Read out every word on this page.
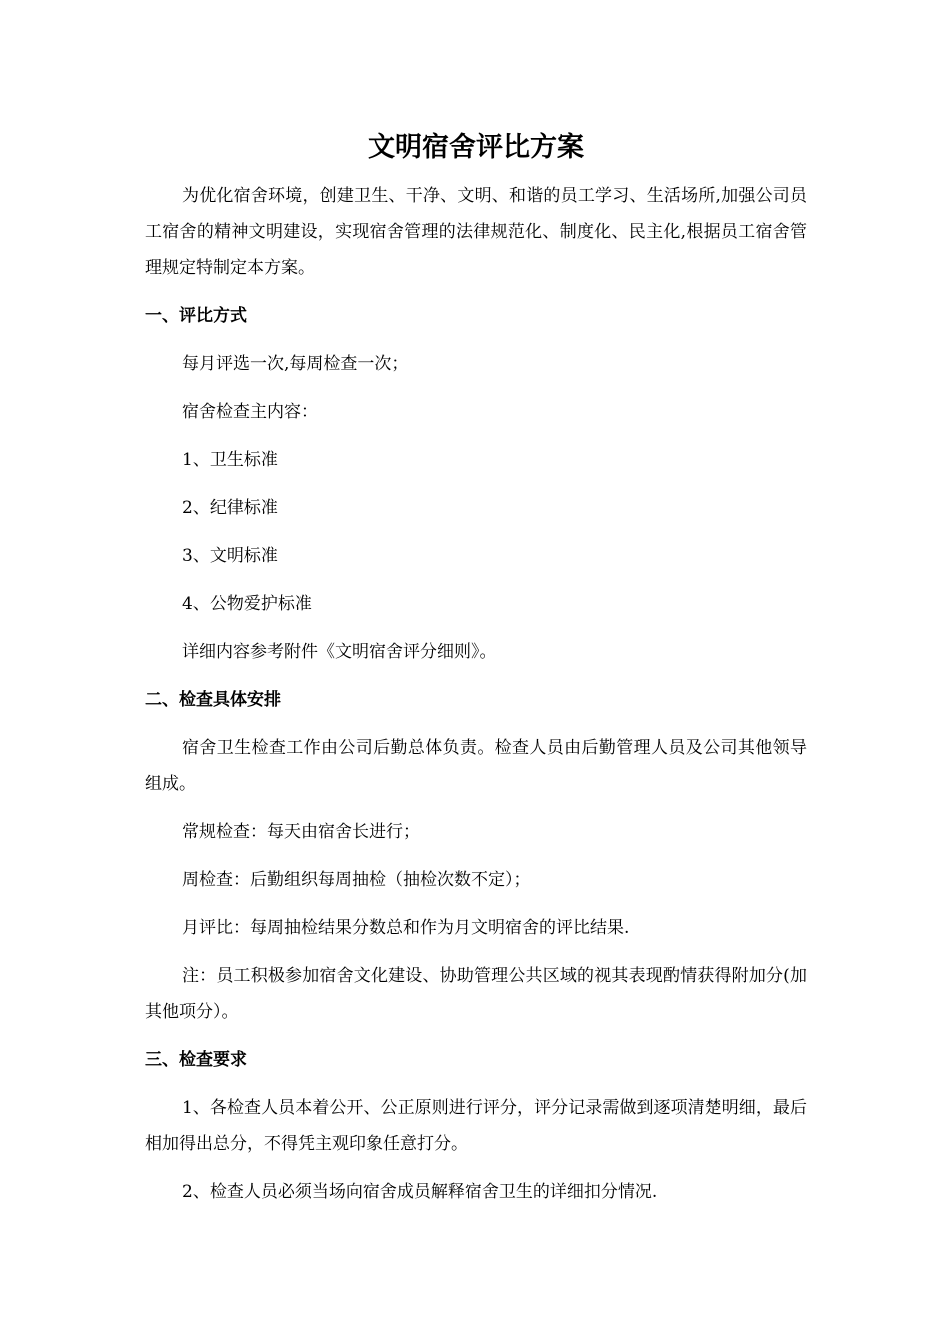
文明宿舍评比方案
为优化宿舍环境，创建卫生、干净、文明、和谐的员工学习、生活场所,加强公司员工宿舍的精神文明建设，实现宿舍管理的法律规范化、制度化、民主化,根据员工宿舍管理规定特制定本方案。
一、评比方式
每月评选一次,每周检查一次；
宿舍检查主内容：
1、卫生标准
2、纪律标准
3、文明标准
4、公物爱护标准
详细内容参考附件《文明宿舍评分细则》。
二、检查具体安排
宿舍卫生检查工作由公司后勤总体负责。检查人员由后勤管理人员及公司其他领导组成。
常规检查：每天由宿舍长进行；
周检查：后勤组织每周抽检（抽检次数不定）；
月评比：每周抽检结果分数总和作为月文明宿舍的评比结果.
注：员工积极参加宿舍文化建设、协助管理公共区域的视其表现酌情获得附加分(加其他项分）。
三、检查要求
1、各检查人员本着公开、公正原则进行评分，评分记录需做到逐项清楚明细，最后相加得出总分，不得凭主观印象任意打分。
2、检查人员必须当场向宿舍成员解释宿舍卫生的详细扣分情况.
